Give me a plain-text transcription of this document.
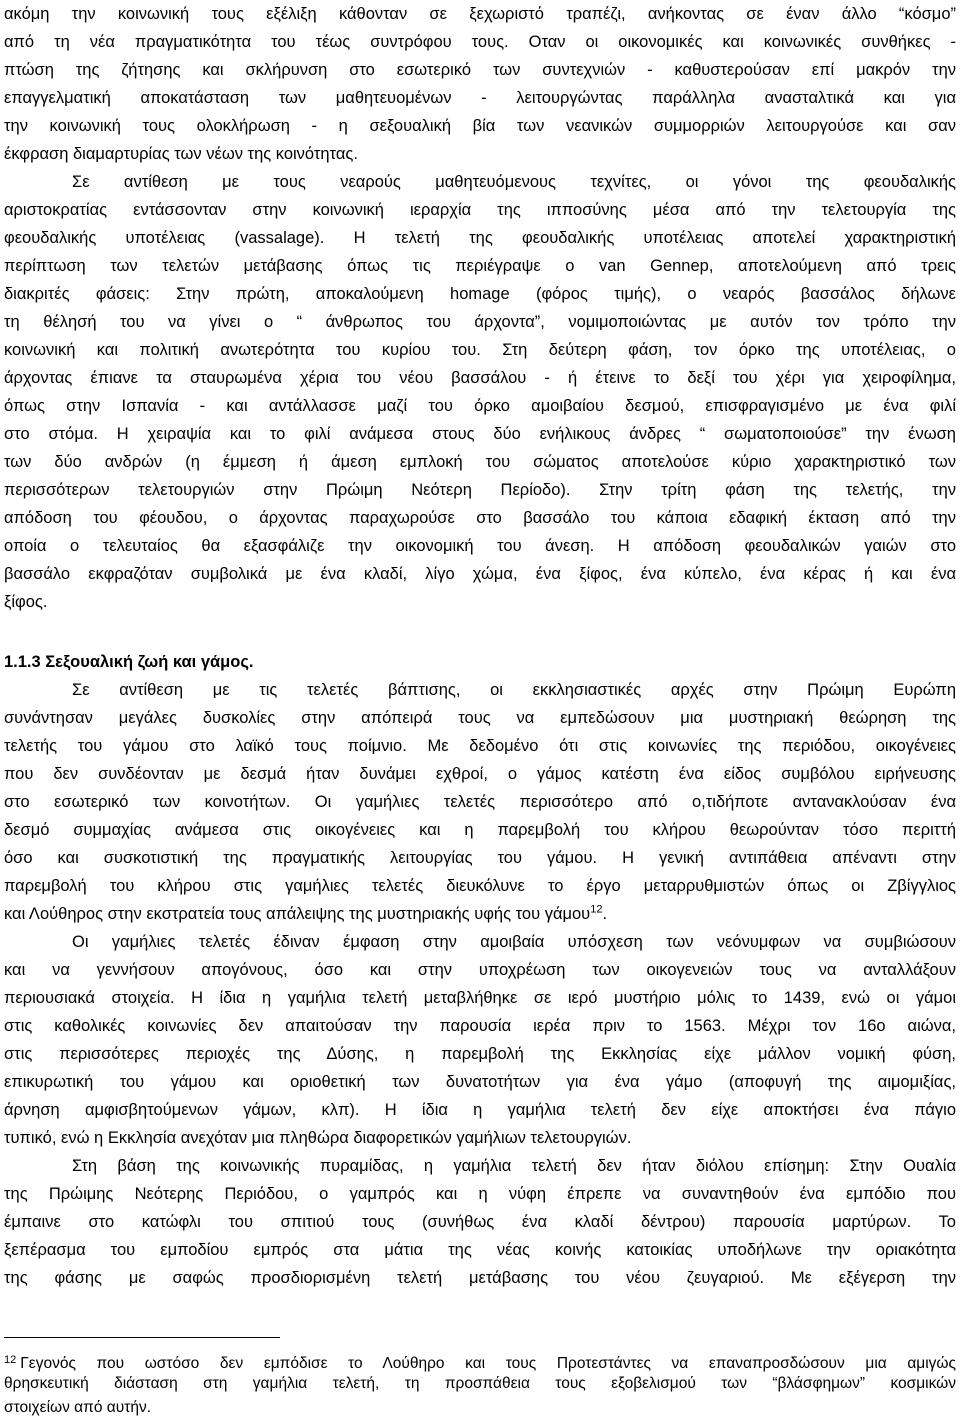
ακόμη την κοινωνική τους εξέλιξη κάθονταν σε ξεχωριστό τραπέζι, ανήκοντας σε έναν άλλο “κόσμο”
από τη νέα πραγματικότητα του τέως συντρόφου τους. Οταν οι οικονομικές και κοινωνικές συνθήκες -
πτώση της ζήτησης και σκλήρυνση στο εσωτερικό των συντεχνιών - καθυστερούσαν επί μακρόν την
επαγγελματική αποκατάσταση των μαθητευομένων - λειτουργώντας παράλληλα ανασταλτικά και για
την κοινωνική τους ολοκλήρωση - η σεξουαλική βία των νεανικών συμμορριών λειτουργούσε και σαν
έκφραση διαμαρτυρίας των νέων της κοινότητας.
Σε αντίθεση με τους νεαρούς μαθητευόμενους τεχνίτες, οι γόνοι της φεουδαλικής
αριστοκρατίας εντάσσονταν στην κοινωνική ιεραρχία της ιπποσύνης μέσα από την τελετουργία της
φεουδαλικής υποτέλειας (vassalage). Η τελετή της φεουδαλικής υποτέλειας αποτελεί χαρακτηριστική
περίπτωση των τελετών μετάβασης όπως τις περιέγραψε ο van Gennep, αποτελούμενη από τρεις
διακριτές φάσεις: Στην πρώτη, αποκαλούμενη homage (φόρος τιμής), ο νεαρός βασσάλος δήλωνε
τη θέλησή του να γίνει ο “ άνθρωπος του άρχοντα”, νομιμοποιώντας με αυτόν τον τρόπο την
κοινωνική και πολιτική ανωτερότητα του κυρίου του. Στη δεύτερη φάση, τον όρκο της υποτέλειας, ο
άρχοντας έπιανε τα σταυρωμένα χέρια του νέου βασσάλου - ή έτεινε το δεξί του χέρι για χειροφίλημα,
όπως στην Ισπανία - και αντάλλασσε μαζί του όρκο αμοιβαίου δεσμού, επισφραγισμένο με ένα φιλί
στο στόμα. Η χειραψία και το φιλί ανάμεσα στους δύο ενήλικους άνδρες “ σωματοποιούσε” την ένωση
των δύο ανδρών (η έμμεση ή άμεση εμπλοκή του σώματος αποτελούσε κύριο χαρακτηριστικό των
περισσότερων τελετουργιών στην Πρώιμη Νεότερη Περίοδο). Στην τρίτη φάση της τελετής, την
απόδοση του φέουδου, ο άρχοντας παραχωρούσε στο βασσάλο του κάποια εδαφική έκταση από την
οποία ο τελευταίος θα εξασφάλιζε την οικονομική του άνεση. Η απόδοση φεουδαλικών γαιών στο
βασσάλο εκφραζόταν συμβολικά με ένα κλαδί, λίγο χώμα, ένα ξίφος, ένα κύπελο, ένα κέρας ή και ένα
ξίφος.
1.1.3 Σεξουαλική ζωή και γάμος.
Σε αντίθεση με τις τελετές βάπτισης, οι εκκλησιαστικές αρχές στην Πρώιμη Ευρώπη
συνάντησαν μεγάλες δυσκολίες στην απόπειρά τους να εμπεδώσουν μια μυστηριακή θεώρηση της
τελετής του γάμου στο λαϊκό τους ποίμνιο. Με δεδομένο ότι στις κοινωνίες της περιόδου, οικογένειες
που δεν συνδέονταν με δεσμά ήταν δυνάμει εχθροί, ο γάμος κατέστη ένα είδος συμβόλου ειρήνευσης
στο εσωτερικό των κοινοτήτων. Οι γαμήλιες τελετές περισσότερο από ο,τιδήποτε αντανακλούσαν ένα
δεσμό συμμαχίας ανάμεσα στις οικογένειες και η παρεμβολή του κλήρου θεωρούνταν τόσο περιττή
όσο και συσκοτιστική της πραγματικής λειτουργίας του γάμου. Η γενική αντιπάθεια απέναντι στην
παρεμβολή του κλήρου στις γαμήλιες τελετές διευκόλυνε το έργο μεταρρυθμιστών όπως οι Ζβίγγλιος
και Λούθηρος στην εκστρατεία τους απάλειψης της μυστηριακής υφής του γάμου$^{12}$.
Οι γαμήλιες τελετές έδιναν έμφαση στην αμοιβαία υπόσχεση των νεόνυμφων να συμβιώσουν
και να γεννήσουν απογόνους, όσο και στην υποχρέωση των οικογενειών τους να ανταλλάξουν
περιουσιακά στοιχεία. Η ίδια η γαμήλια τελετή μεταβλήθηκε σε ιερό μυστήριο μόλις το 1439, ενώ οι γάμοι
στις καθολικές κοινωνίες δεν απαιτούσαν την παρουσία ιερέα πριν το 1563. Μέχρι τον 16ο αιώνα,
στις περισσότερες περιοχές της Δύσης, η παρεμβολή της Εκκλησίας είχε μάλλον νομική φύση,
επικυρωτική του γάμου και οριοθετική των δυνατοτήτων για ένα γάμο (αποφυγή της αιμομιξίας,
άρνηση αμφισβητούμενων γάμων, κλπ). Η ίδια η γαμήλια τελετή δεν είχε αποκτήσει ένα πάγιο
τυπικό, ενώ η Εκκλησία ανεχόταν μια πληθώρα διαφορετικών γαμήλιων τελετουργιών.
Στη βάση της κοινωνικής πυραμίδας, η γαμήλια τελετή δεν ήταν διόλου επίσημη: Στην Ουαλία
της Πρώιμης Νεότερης Περιόδου, ο γαμπρός και η νύφη έπρεπε να συναντηθούν ένα εμπόδιο που
έμπαινε στο κατώφλι του σπιτιού τους (συνήθως ένα κλαδί δέντρου) παρουσία μαρτύρων. Το
ξεπέρασμα του εμποδίου εμπρός στα μάτια της νέας κοινής κατοικίας υποδήλωνε την οριακότητα
της φάσης με σαφώς προσδιορισμένη τελετή μετάβασης του νέου ζευγαριού. Με εξέγερση την
$^{12}$ Γεγονός που ωστόσο δεν εμπόδισε το Λούθηρο και τους Προτεστάντες να επαναπροσδώσουν μια αμιγώς
θρησκευτική διάσταση στη γαμήλια τελετή, τη προσπάθεια τους εξοβελισμού των “βλάσφημων” κοσμικών
στοιχείων από αυτήν.
